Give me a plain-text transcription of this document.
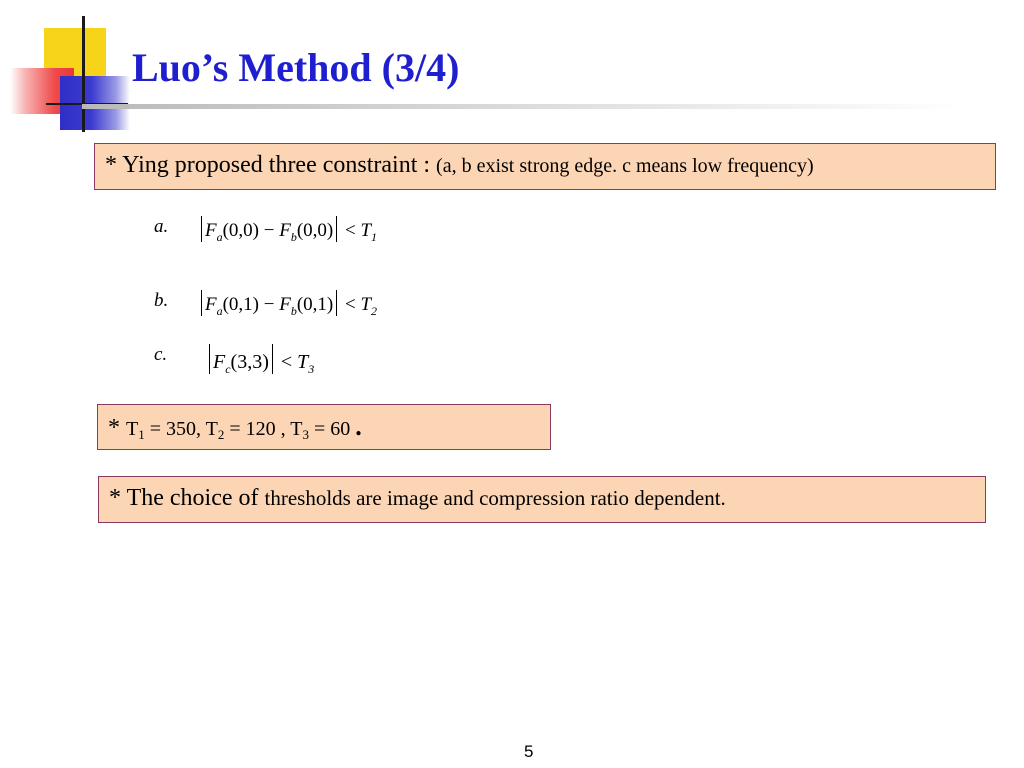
Luo’s Method (3/4)
* Ying proposed three constraint : (a, b exist strong edge. c means low frequency)
a.	$F_a(0,0) - F_b(0,0) < T_1$
b.	$F_a(0,1) - F_b(0,1) < T_2$
c.	$F_c(3,3) < T_3$
* $T_1 = 350$, $T_2 = 120$ , $T_3 = 60$ .
* The choice of thresholds are image and compression ratio dependent.
5
